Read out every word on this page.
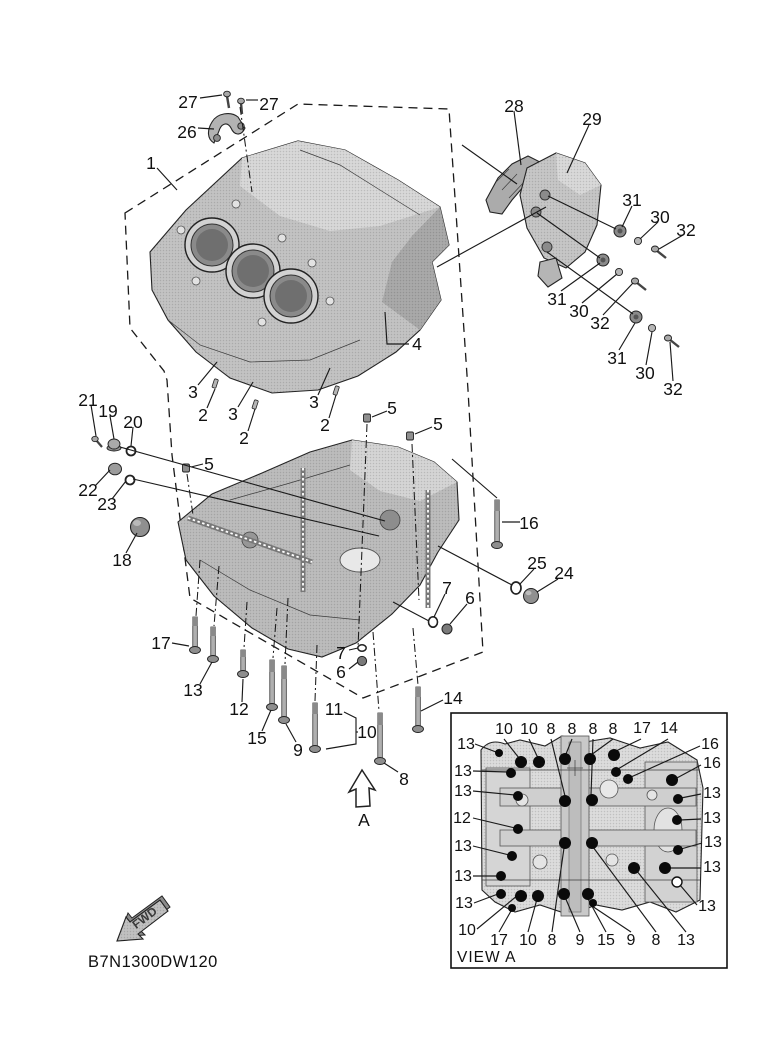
1
26
27	27	28
29
31
30
32
31
30
32
31
30
32
4
3
2 3
2
3
2
5
5
5
21
19
20
22
23
18
16
25 24
7 6
7
6
17
13
12
15
9
11
10
8
14
A
FWD
B7N1300DW120
10 10 8 8 8 8 17 14
16
16
13
13
13
13
13
13
13
13
12
13
13
13
10
17 10 8 9 15 9 8 13
VIEW A
